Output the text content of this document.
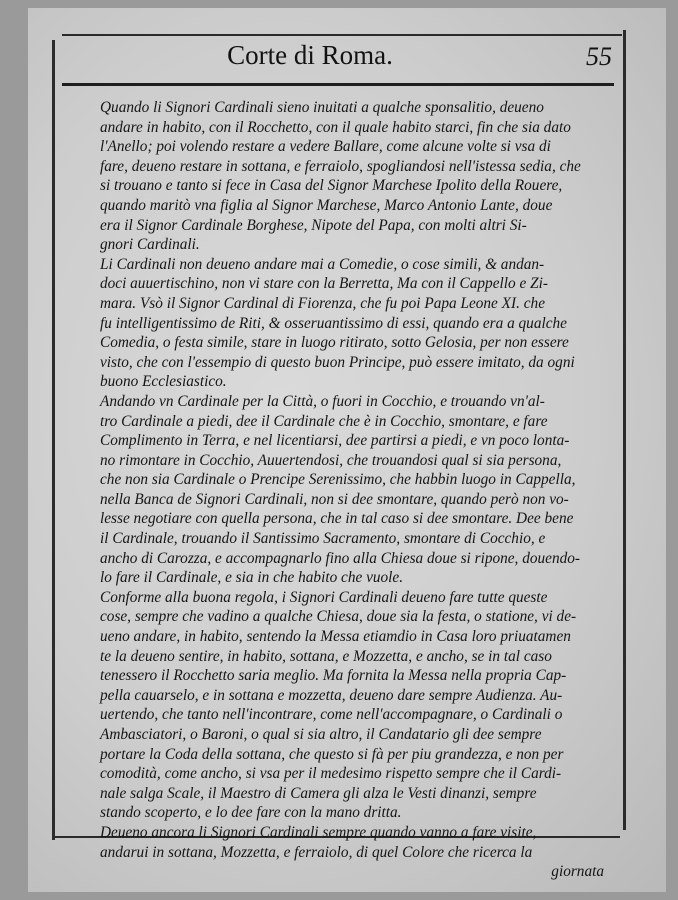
Corte di Roma.	55

Quando li Signori Cardinali sieno inuitati a qualche sponsalitio, deueno
andare in habito, con il Rocchetto, con il quale habito starci, fin che sia dato
l'Anello; poi volendo restare a vedere Ballare, come alcune volte si vsa di
fare, deueno restare in sottana, e ferraiolo, spogliandosi nell'istessa sedia, che
si trouano e tanto si fece in Casa del Signor Marchese Ipolito della Rouere,
quando maritò vna figlia al Signor Marchese, Marco Antonio Lante, doue
era il Signor Cardinale Borghese, Nipote del Papa, con molti altri Si-
gnori Cardinali.

Li Cardinali non deueno andare mai a Comedie, o cose simili, & andan-
doci auuertischino, non vi stare con la Berretta, Ma con il Cappello e Zi-
mara. Vsò il Signor Cardinal di Fiorenza, che fu poi Papa Leone XI. che
fu intelligentissimo de Riti, & osseruantissimo di essi, quando era a qualche
Comedia, o festa simile, stare in luogo ritirato, sotto Gelosia, per non essere
visto, che con l'essempio di questo buon Principe, può essere imitato, da ogni
buono Ecclesiastico.

Andando vn Cardinale per la Città, o fuori in Cocchio, e trouando vn'al-
tro Cardinale a piedi, dee il Cardinale che è in Cocchio, smontare, e fare
Complimento in Terra, e nel licentiarsi, dee partirsi a piedi, e vn poco lonta-
no rimontare in Cocchio, Auuertendosi, che trouandosi qual si sia persona,
che non sia Cardinale o Prencipe Serenissimo, che habbin luogo in Cappella,
nella Banca de Signori Cardinali, non si dee smontare, quando però non vo-
lesse negotiare con quella persona, che in tal caso si dee smontare. Dee bene
il Cardinale, trouando il Santissimo Sacramento, smontare di Cocchio, e
ancho di Carozza, e accompagnarlo fino alla Chiesa doue si ripone, douendo-
lo fare il Cardinale, e sia in che habito che vuole.

Conforme alla buona regola, i Signori Cardinali deueno fare tutte queste
cose, sempre che vadino a qualche Chiesa, doue sia la festa, o statione, vi de-
ueno andare, in habito, sentendo la Messa etiamdio in Casa loro priuatamen
te la deueno sentire, in habito, sottana, e Mozzetta, e ancho, se in tal caso
tenessero il Rocchetto saria meglio. Ma fornita la Messa nella propria Cap-
pella cauarselo, e in sottana e mozzetta, deueno dare sempre Audienza. Au-
uertendo, che tanto nell'incontrare, come nell'accompagnare, o Cardinali o
Ambasciatori, o Baroni, o qual si sia altro, il Candatario gli dee sempre
portare la Coda della sottana, che questo si fà per piu grandezza, e non per
comodità, come ancho, si vsa per il medesimo rispetto sempre che il Cardi-
nale salga Scale, il Maestro di Camera gli alza le Vesti dinanzi, sempre
stando scoperto, e lo dee fare con la mano dritta.

Deueno ancora li Signori Cardinali sempre quando vanno a fare visite,
andarui in sottana, Mozzetta, e ferraiolo, di quel Colore che ricerca la
giornata
